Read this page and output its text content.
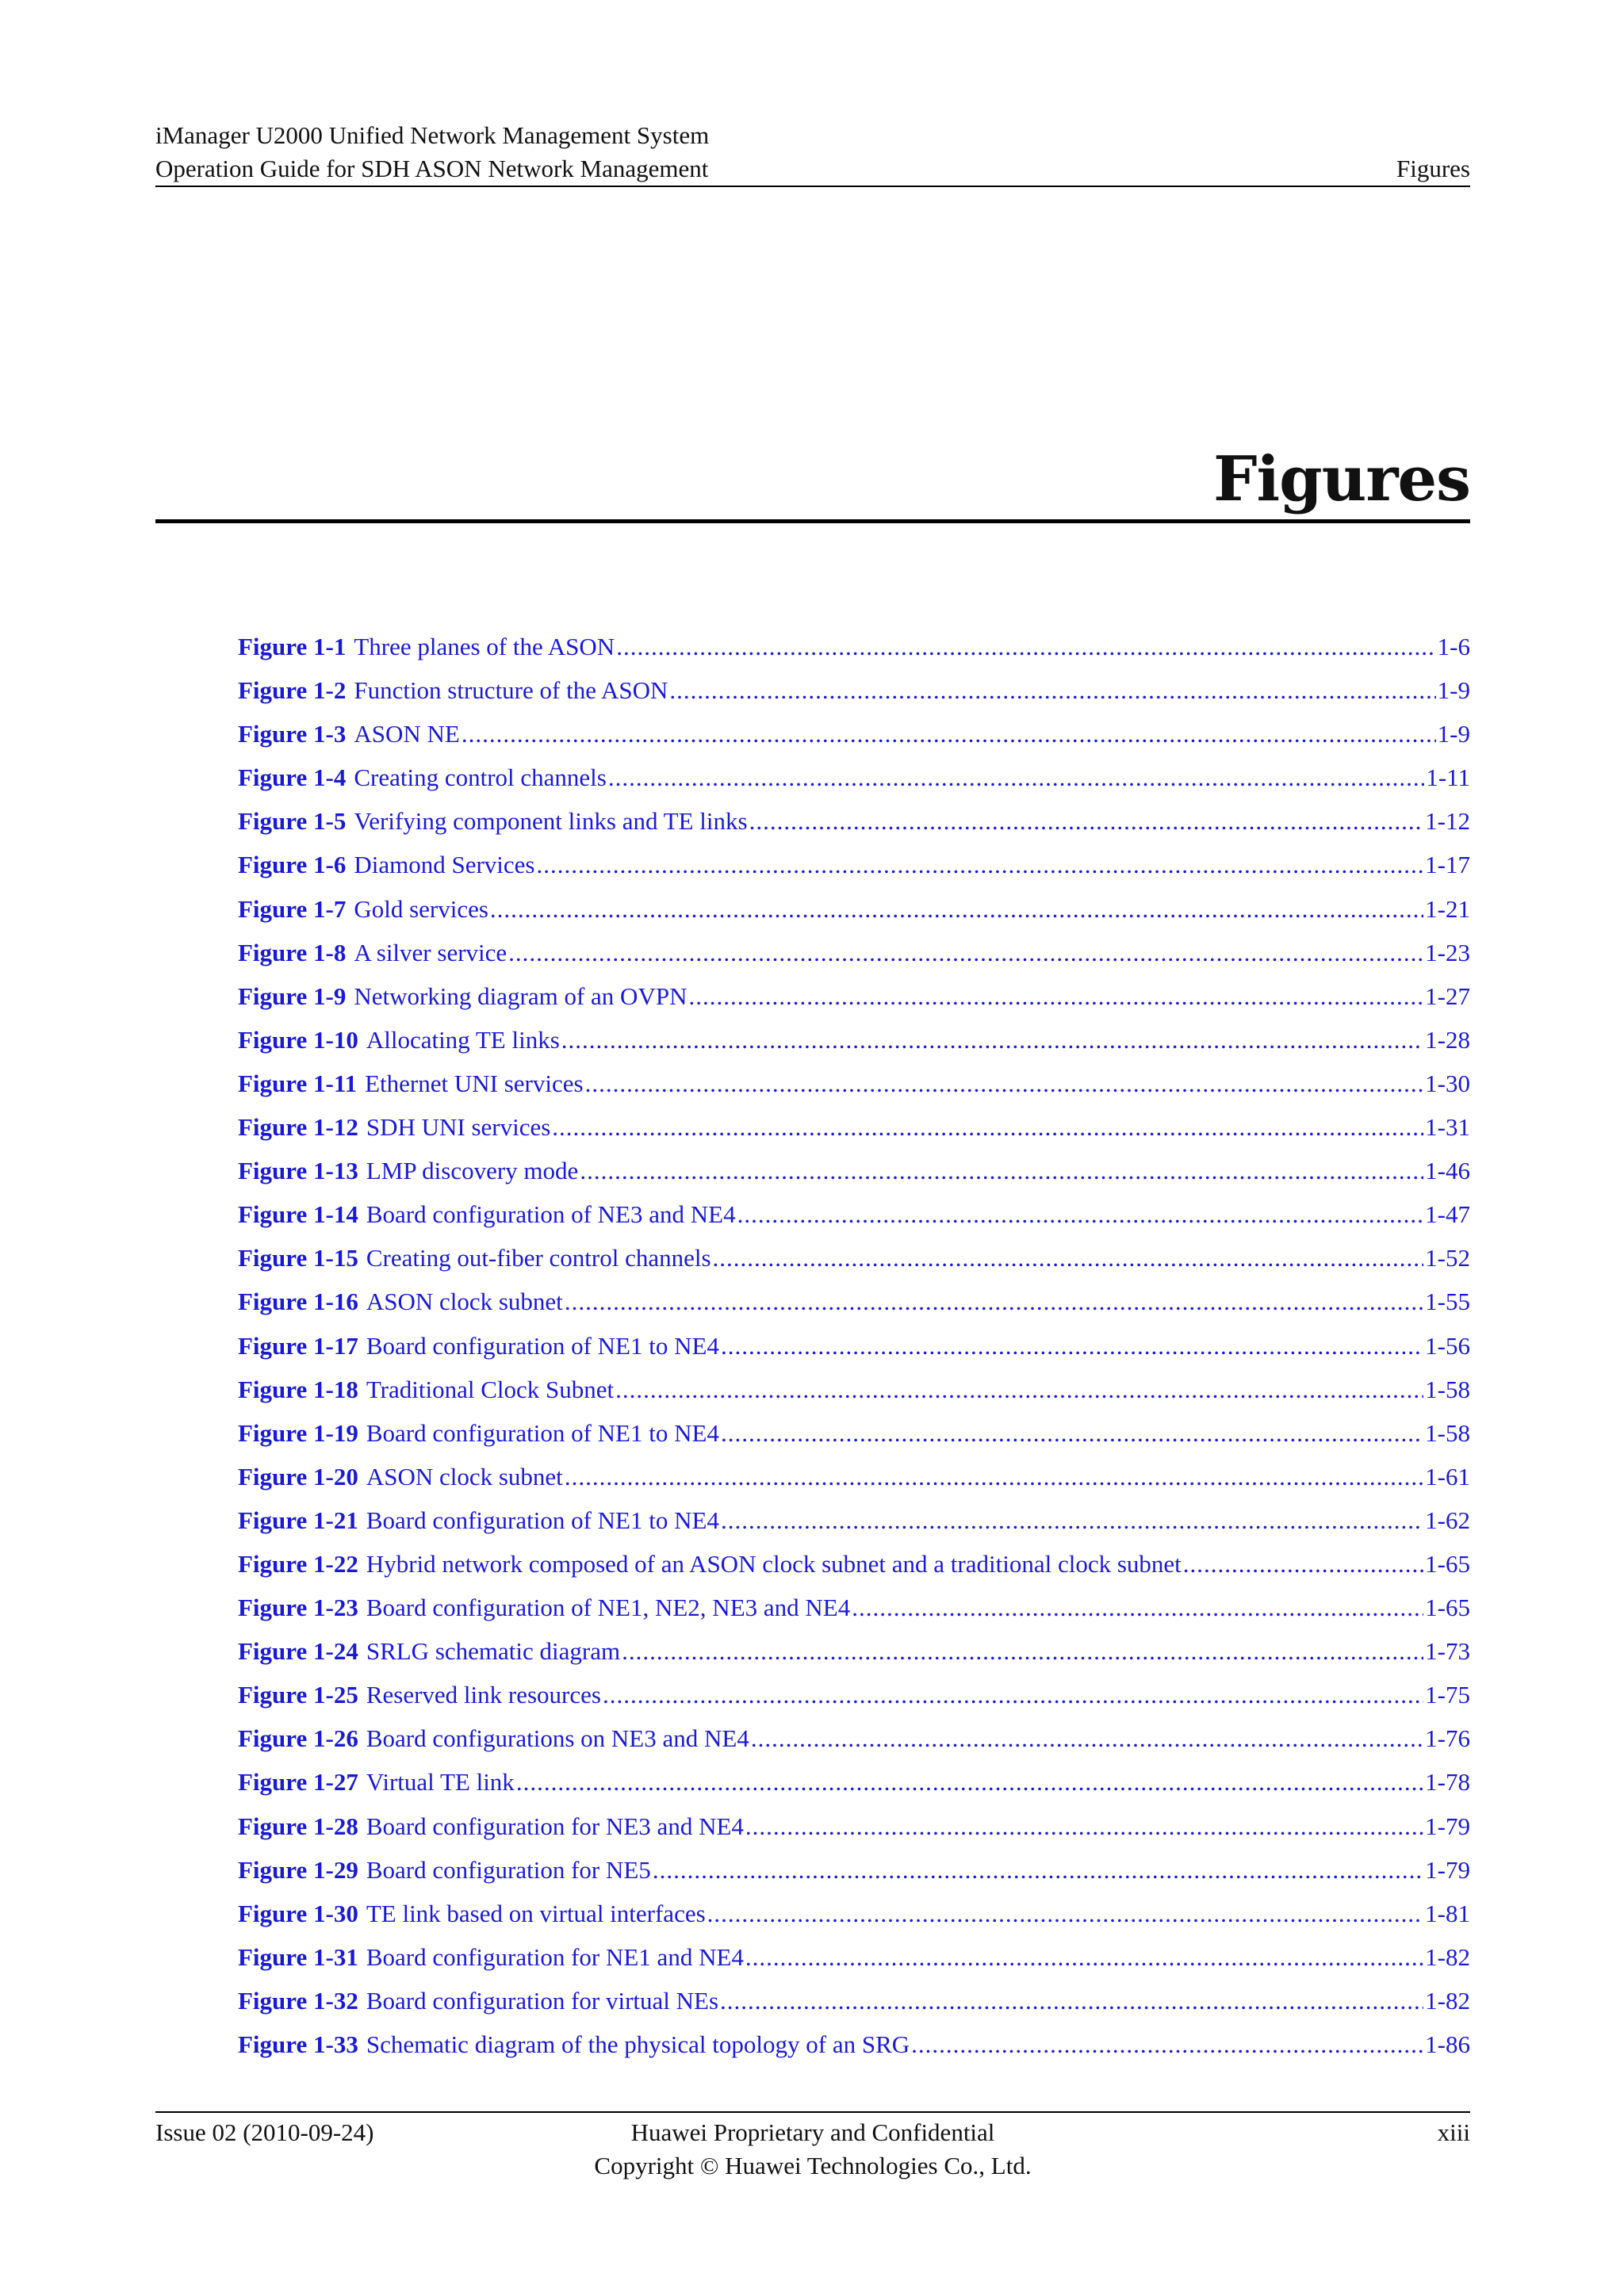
iManager U2000 Unified Network Management System
Operation Guide for SDH ASON Network Management	Figures
Figures
Figure 1-1 Three planes of the ASON .....	1-6
Figure 1-2 Function structure of the ASON .....	1-9
Figure 1-3 ASON NE .....	1-9
Figure 1-4 Creating control channels .....	1-11
Figure 1-5 Verifying component links and TE links .....	1-12
Figure 1-6 Diamond Services .....	1-17
Figure 1-7 Gold services .....	1-21
Figure 1-8 A silver service .....	1-23
Figure 1-9 Networking diagram of an OVPN .....	1-27
Figure 1-10 Allocating TE links .....	1-28
Figure 1-11 Ethernet UNI services .....	1-30
Figure 1-12 SDH UNI services .....	1-31
Figure 1-13 LMP discovery mode .....	1-46
Figure 1-14 Board configuration of NE3 and NE4 .....	1-47
Figure 1-15 Creating out-fiber control channels .....	1-52
Figure 1-16 ASON clock subnet .....	1-55
Figure 1-17 Board configuration of NE1 to NE4 .....	1-56
Figure 1-18 Traditional Clock Subnet .....	1-58
Figure 1-19 Board configuration of NE1 to NE4 .....	1-58
Figure 1-20 ASON clock subnet .....	1-61
Figure 1-21 Board configuration of NE1 to NE4 .....	1-62
Figure 1-22 Hybrid network composed of an ASON clock subnet and a traditional clock subnet .....	1-65
Figure 1-23 Board configuration of NE1, NE2, NE3 and NE4 .....	1-65
Figure 1-24 SRLG schematic diagram .....	1-73
Figure 1-25 Reserved link resources .....	1-75
Figure 1-26 Board configurations on NE3 and NE4 .....	1-76
Figure 1-27 Virtual TE link .....	1-78
Figure 1-28 Board configuration for NE3 and NE4 .....	1-79
Figure 1-29 Board configuration for NE5 .....	1-79
Figure 1-30 TE link based on virtual interfaces .....	1-81
Figure 1-31 Board configuration for NE1 and NE4 .....	1-82
Figure 1-32 Board configuration for virtual NEs .....	1-82
Figure 1-33 Schematic diagram of the physical topology of an SRG .....	1-86
Issue 02 (2010-09-24)	Huawei Proprietary and Confidential	xiii
Copyright © Huawei Technologies Co., Ltd.
